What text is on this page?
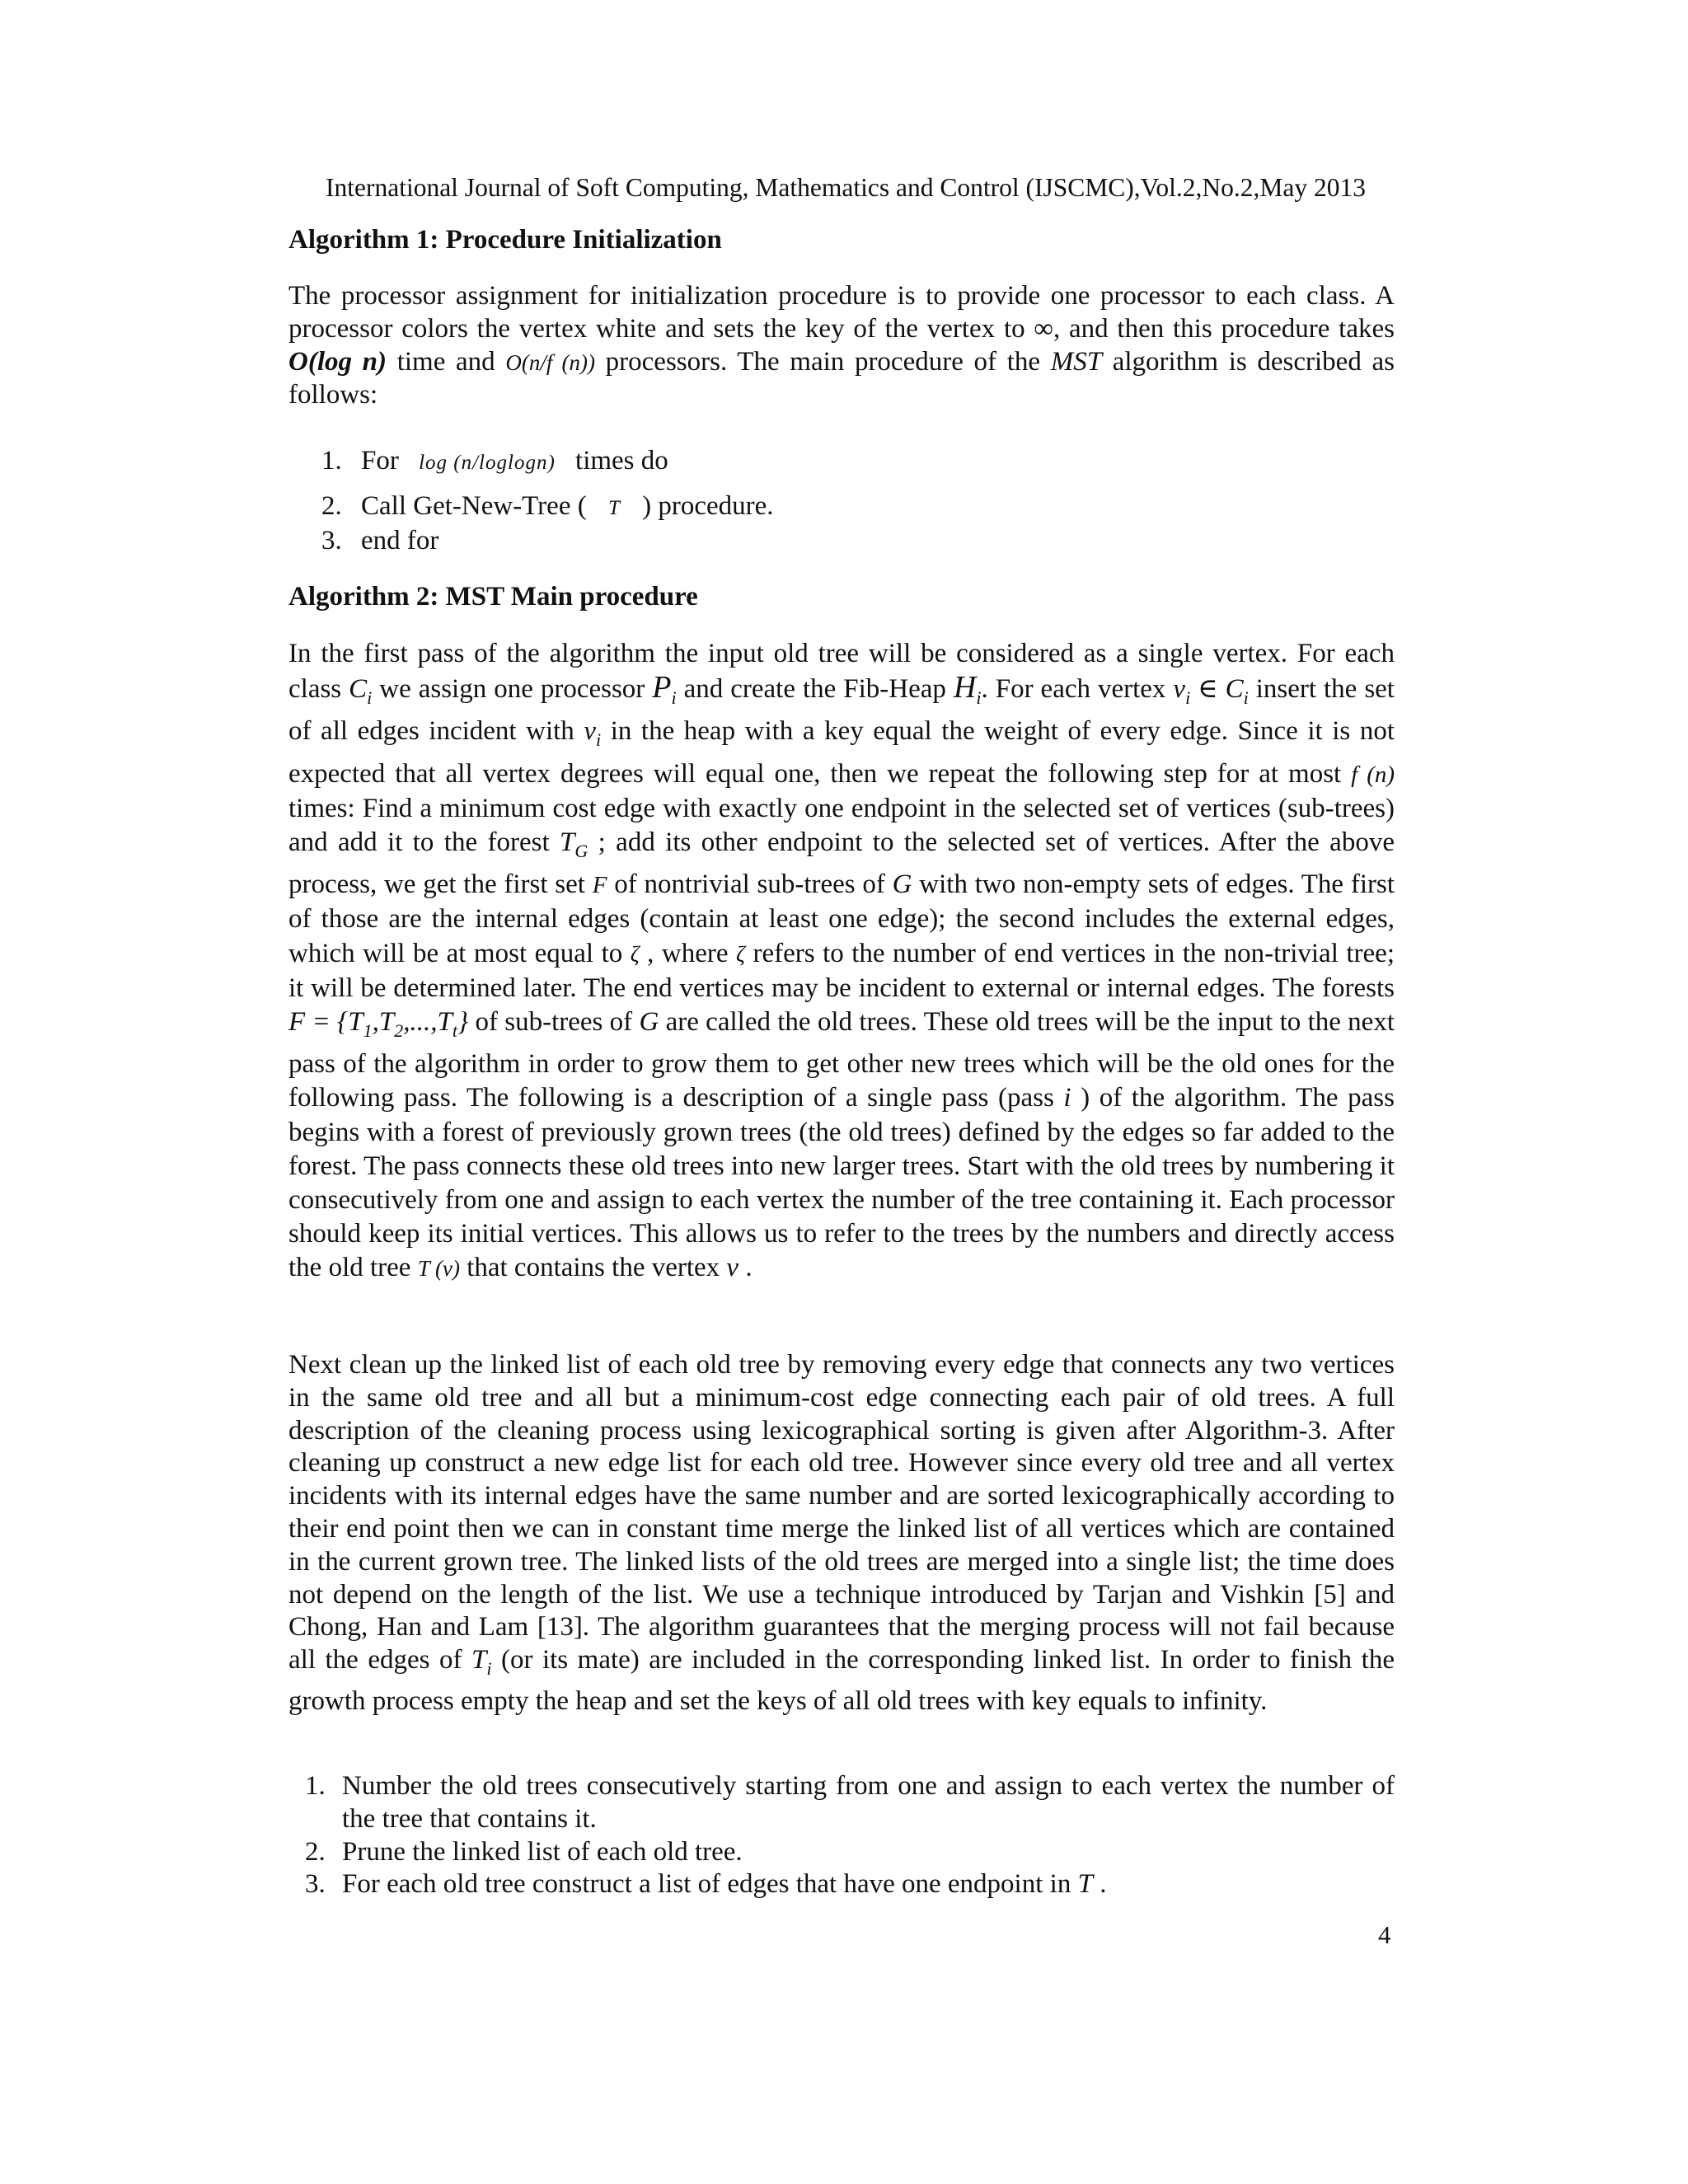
International Journal of Soft Computing, Mathematics and Control (IJSCMC),Vol.2,No.2,May 2013
Algorithm 1: Procedure Initialization
The processor assignment for initialization procedure is to provide one processor to each class. A processor colors the vertex white and sets the key of the vertex to ∞, and then this procedure takes O(log n) time and O(n/f (n)) processors. The main procedure of the MST algorithm is described as follows:
1. For log (n/loglogn) times do
2. Call Get-New-Tree ( T ) procedure.
3. end for
Algorithm 2: MST Main procedure
In the first pass of the algorithm the input old tree will be considered as a single vertex. For each class $C_i$ we assign one processor $P_i$ and create the Fib-Heap $H_i$. For each vertex $v_i$ ∈ $C_i$ insert the set of all edges incident with $v_i$ in the heap with a key equal the weight of every edge. Since it is not expected that all vertex degrees will equal one, then we repeat the following step for at most f (n) times: Find a minimum cost edge with exactly one endpoint in the selected set of vertices (sub-trees) and add it to the forest $T_G$ ; add its other endpoint to the selected set of vertices. After the above process, we get the first set F of nontrivial sub-trees of G with two non-empty sets of edges. The first of those are the internal edges (contain at least one edge); the second includes the external edges, which will be at most equal to ζ , where ζ refers to the number of end vertices in the non-trivial tree; it will be determined later. The end vertices may be incident to external or internal edges. The forests $F = \{T_1,T_2,...,T_t\}$ of sub-trees of G are called the old trees. These old trees will be the input to the next pass of the algorithm in order to grow them to get other new trees which will be the old ones for the following pass. The following is a description of a single pass (pass i ) of the algorithm. The pass begins with a forest of previously grown trees (the old trees) defined by the edges so far added to the forest. The pass connects these old trees into new larger trees. Start with the old trees by numbering it consecutively from one and assign to each vertex the number of the tree containing it. Each processor should keep its initial vertices. This allows us to refer to the trees by the numbers and directly access the old tree T (v) that contains the vertex v .
Next clean up the linked list of each old tree by removing every edge that connects any two vertices in the same old tree and all but a minimum-cost edge connecting each pair of old trees. A full description of the cleaning process using lexicographical sorting is given after Algorithm-3. After cleaning up construct a new edge list for each old tree. However since every old tree and all vertex incidents with its internal edges have the same number and are sorted lexicographically according to their end point then we can in constant time merge the linked list of all vertices which are contained in the current grown tree. The linked lists of the old trees are merged into a single list; the time does not depend on the length of the list. We use a technique introduced by Tarjan and Vishkin [5] and Chong, Han and Lam [13]. The algorithm guarantees that the merging process will not fail because all the edges of $T_i$ (or its mate) are included in the corresponding linked list. In order to finish the growth process empty the heap and set the keys of all old trees with key equals to infinity.
1. Number the old trees consecutively starting from one and assign to each vertex the number of the tree that contains it.
2. Prune the linked list of each old tree.
3. For each old tree construct a list of edges that have one endpoint in T .
4
